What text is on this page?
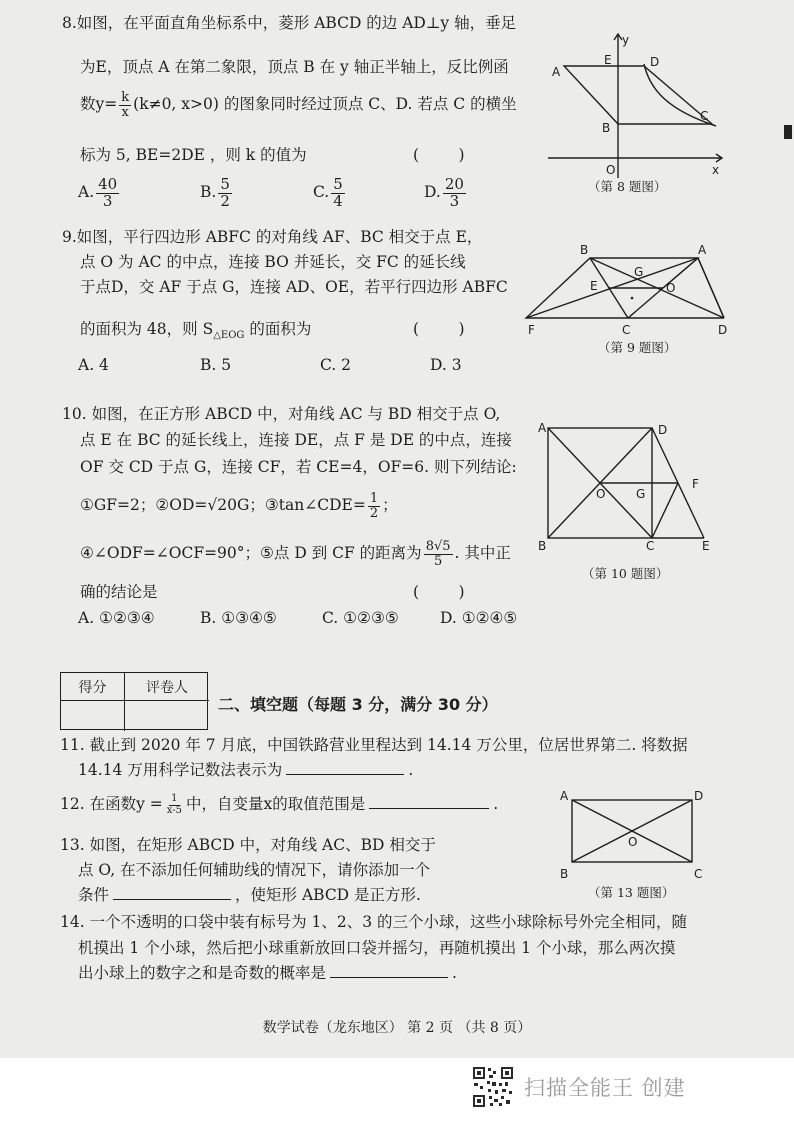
8.如图，在平面直角坐标系中，菱形 ABCD 的边 AD⊥y 轴，垂足
为E，顶点 A 在第二象限，顶点 B 在 y 轴正半轴上，反比例函
数$y= \frac{k}{x} (k\ne 0$, x>0) 的图象同时经过顶点 C、D. 若点 C 的横坐
标为 5, BE=2DE ，则 k 的值为	(        )
A. $\frac{40}{3}$	B. $\frac{5}{2}$	C. $\frac{5}{4}$	D. $\frac{20}{3}$
A
E	D
B
C
O	x
y
（第 8 题图）
9.如图，平行四边形 ABFC 的对角线 AF、BC 相交于点 E，
点 O 为 AC 的中点，连接 BO 并延长，交 FC 的延长线
于点D，交 AF 于点 G，连接 AD、OE，若平行四边形 ABFC
的面积为 48，则 $S_{\triangle EOG}$ 的面积为	(        )
A. 4	B. 5	C. 2	D. 3
B	A
G
E	O
F	C	D
（第 9 题图）
10. 如图，在正方形 ABCD 中，对角线 AC 与 BD 相交于点 O,
点 E 在 BC 的延长线上，连接 DE，点 F 是 DE 的中点，连接
OF 交 CD 于点 G，连接 CF，若 CE=4，OF=6. 则下列结论:
①GF=2；②OD=√20G；③tan∠CDE= $\frac{1}{2}$ ；
④∠ODF=∠OCF=90°；⑤点 D 到 CF 的距离为 $\frac{8√5}{5}$ . 其中正
确的结论是	(        )
A. ①②③④	B. ①③④⑤	C. ①②③⑤	D. ①②④⑤
A	D
O	G
F
B	C	E
（第 10 题图）
得分	评卷人
二、填空题（每题 3 分，满分 30 分）
11. 截止到 2020 年 7 月底，中国铁路营业里程达到 14.14 万公里，位居世界第二. 将数据
14.14 万用科学记数法表示为	.
12. 在函数$y = \frac{1}{x-5}$ 中，自变量x的取值范围是	.
13. 如图，在矩形 ABCD 中，对角线 AC、BD 相交于
点 O, 在不添加任何辅助线的情况下，请你添加一个
条件	，使矩形 ABCD 是正方形.
A	D
O
B	C
（第 13 题图）
14. 一个不透明的口袋中装有标号为 1、2、3 的三个小球，这些小球除标号外完全相同，随
机摸出 1 个小球，然后把小球重新放回口袋并摇匀，再随机摸出 1 个小球，那么两次摸
出小球上的数字之和是奇数的概率是	.
数学试卷（龙东地区） 第 2 页 （共 8 页）
扫描全能王 创建
